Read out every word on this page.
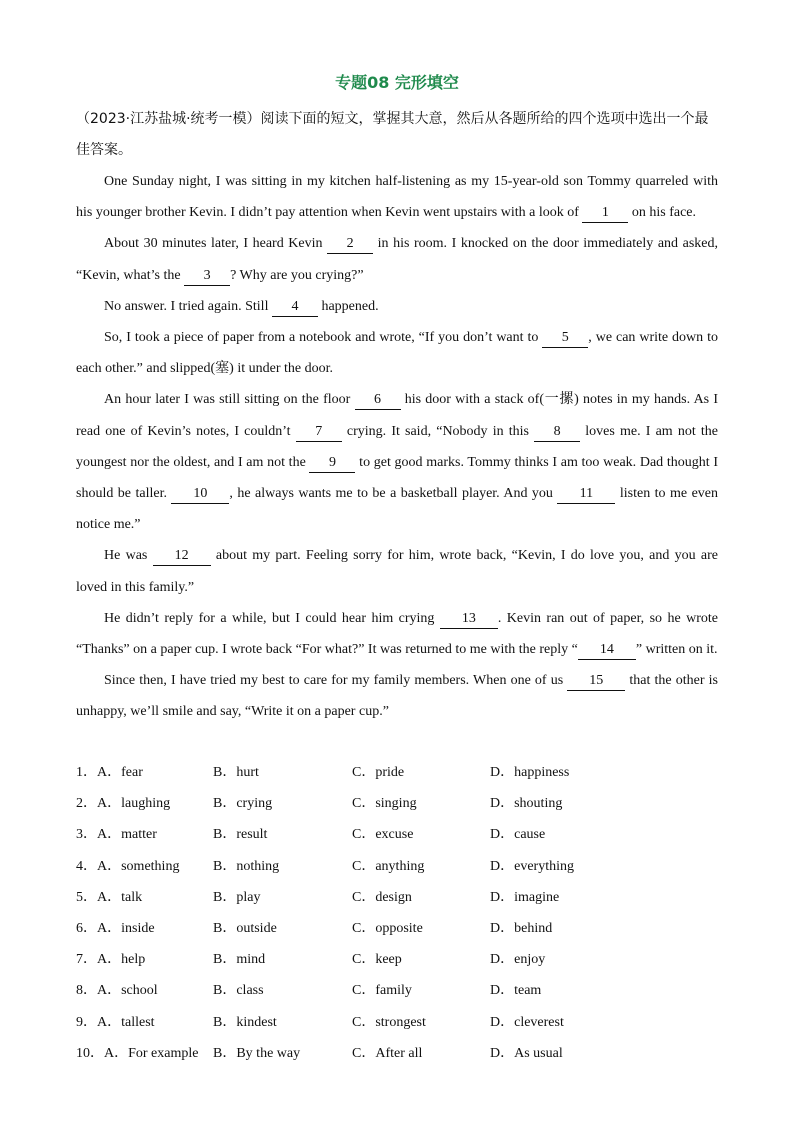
专题08 完形填空
（2023·江苏盐城·统考一模）阅读下面的短文，掌握其大意，然后从各题所给的四个选项中选出一个最佳答案。

One Sunday night, I was sitting in my kitchen half-listening as my 15-year-old son Tommy quarreled with his younger brother Kevin. I didn’t pay attention when Kevin went upstairs with a look of 1 on his face.

About 30 minutes later, I heard Kevin 2 in his room. I knocked on the door immediately and asked, “Kevin, what’s the 3 ? Why are you crying?”

No answer. I tried again. Still 4 happened.

So, I took a piece of paper from a notebook and wrote, “If you don’t want to 5 , we can write down to each other.” and slipped(塞) it under the door.

An hour later I was still sitting on the floor 6 his door with a stack of(一摞) notes in my hands. As I read one of Kevin’s notes, I couldn’t 7 crying. It said, “Nobody in this 8 loves me. I am not the youngest nor the oldest, and I am not the 9 to get good marks. Tommy thinks I am too weak. Dad thought I should be taller. 10 , he always wants me to be a basketball player. And you 11 listen to me even notice me.”

He was 12 about my part. Feeling sorry for him, wrote back, “Kevin, I do love you, and you are loved in this family.”

He didn’t reply for a while, but I could hear him crying 13 . Kevin ran out of paper, so he wrote “Thanks” on a paper cup. I wrote back “For what?” It was returned to me with the reply “ 14 ” written on it.

Since then, I have tried my best to care for my family members. When one of us 15 that the other is unhappy, we’ll smile and say, “Write it on a paper cup.”

1．A．fear	B．hurt	C．pride	D．happiness
2．A．laughing	B．crying	C．singing	D．shouting
3．A．matter	B．result	C．excuse	D．cause
4．A．something B．nothing	C．anything	D．everything
5．A．talk	B．play	C．design	D．imagine
6．A．inside	B．outside	C．opposite	D．behind
7．A．help	B．mind	C．keep	D．enjoy
8．A．school	B．class	C．family	D．team
9．A．tallest	B．kindest	C．strongest	D．cleverest
10．A．For example B．By the way	C．After all	D．As usual
